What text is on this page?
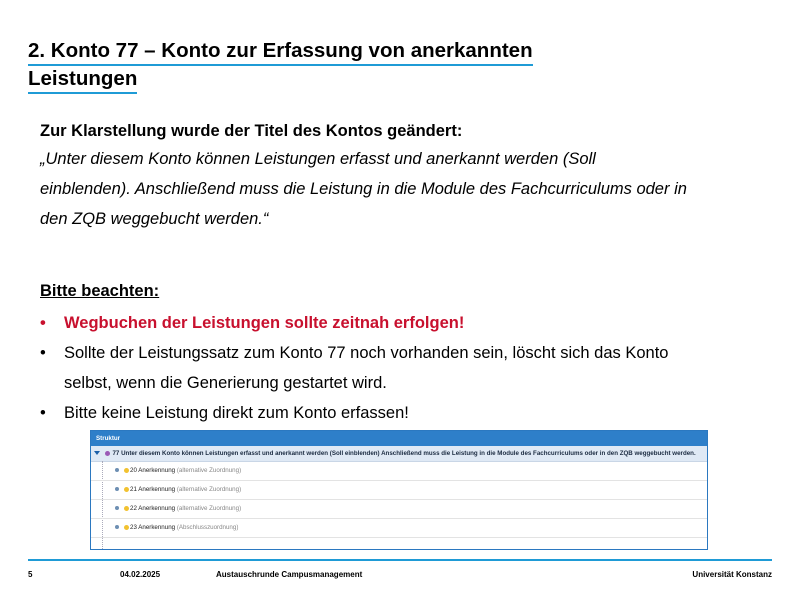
2. Konto 77 – Konto zur Erfassung von anerkannten
Leistungen

Zur Klarstellung wurde der Titel des Kontos geändert:

„Unter diesem Konto können Leistungen erfasst und anerkannt werden (Soll
einblenden). Anschließend muss die Leistung in die Module des Fachcurriculums oder in
den ZQB weggebucht werden.“

Bitte beachten:

• Wegbuchen der Leistungen sollte zeitnah erfolgen!
• Sollte der Leistungssatz zum Konto 77 noch vorhanden sein, löscht sich das Konto
selbst, wenn die Generierung gestartet wird.
• Bitte keine Leistung direkt zum Konto erfassen!
Struktur
77 Unter diesem Konto können Leistungen erfasst und anerkannt werden (Soll einblenden) Anschließend muss die Leistung in die Module des Fachcurriculums oder in den ZQB weggebucht werden.
20 Anerkennung (alternative Zuordnung)
21 Anerkennung (alternative Zuordnung)
22 Anerkennung (alternative Zuordnung)
23 Anerkennung (Abschlusszuordnung)
5	04.02.2025	Austauschrunde Campusmanagement	Universität Konstanz
